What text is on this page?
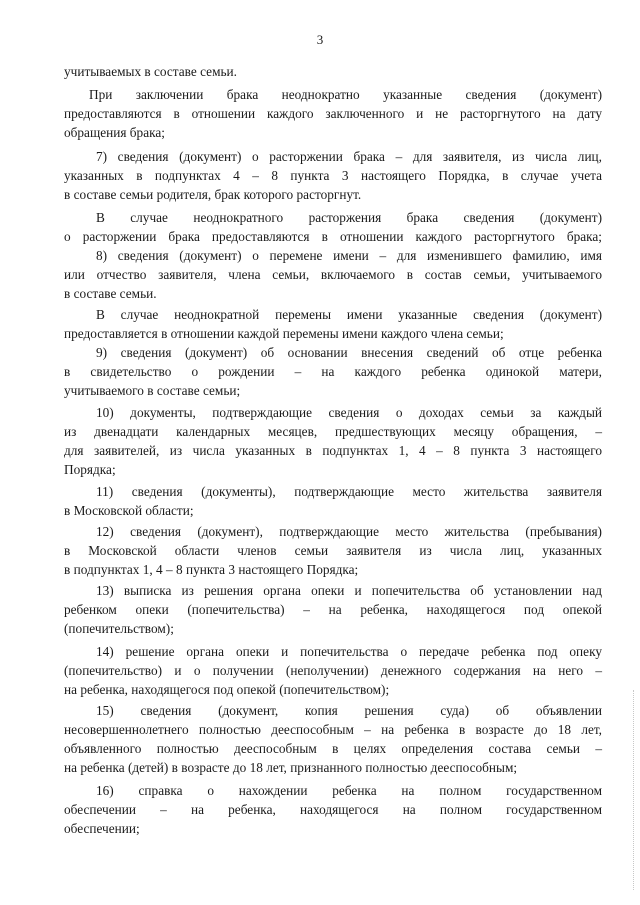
3
учитываемых в составе семьи.
При заключении брака неоднократно указанные сведения (документ)
предоставляются в отношении каждого заключенного и не расторгнутого на дату
обращения брака;
7) сведения (документ) о расторжении брака – для заявителя, из числа лиц,
указанных в подпунктах 4 – 8 пункта 3 настоящего Порядка, в случае учета
в составе семьи родителя, брак которого расторгнут.
В случае неоднократного расторжения брака сведения (документ)
о расторжении брака предоставляются в отношении каждого расторгнутого брака;
8) сведения (документ) о перемене имени – для изменившего фамилию, имя
или отчество заявителя, члена семьи, включаемого в состав семьи, учитываемого
в составе семьи.
В случае неоднократной перемены имени указанные сведения (документ)
предоставляется в отношении каждой перемены имени каждого члена семьи;
9) сведения (документ) об основании внесения сведений об отце ребенка
в свидетельство о рождении – на каждого ребенка одинокой матери,
учитываемого в составе семьи;
10) документы, подтверждающие сведения о доходах семьи за каждый
из двенадцати календарных месяцев, предшествующих месяцу обращения, –
для заявителей, из числа указанных в подпунктах 1, 4 – 8 пункта 3 настоящего
Порядка;
11) сведения (документы), подтверждающие место жительства заявителя
в Московской области;
12) сведения (документ), подтверждающие место жительства (пребывания)
в Московской области членов семьи заявителя из числа лиц, указанных
в подпунктах 1, 4 – 8 пункта 3 настоящего Порядка;
13) выписка из решения органа опеки и попечительства об установлении над
ребенком опеки (попечительства) – на ребенка, находящегося под опекой
(попечительством);
14) решение органа опеки и попечительства о передаче ребенка под опеку
(попечительство) и о получении (неполучении) денежного содержания на него –
на ребенка, находящегося под опекой (попечительством);
15) сведения (документ, копия решения суда) об объявлении
несовершеннолетнего полностью дееспособным – на ребенка в возрасте до 18 лет,
объявленного полностью дееспособным в целях определения состава семьи –
на ребенка (детей) в возрасте до 18 лет, признанного полностью дееспособным;
16) справка о нахождении ребенка на полном государственном
обеспечении – на ребенка, находящегося на полном государственном
обеспечении;
